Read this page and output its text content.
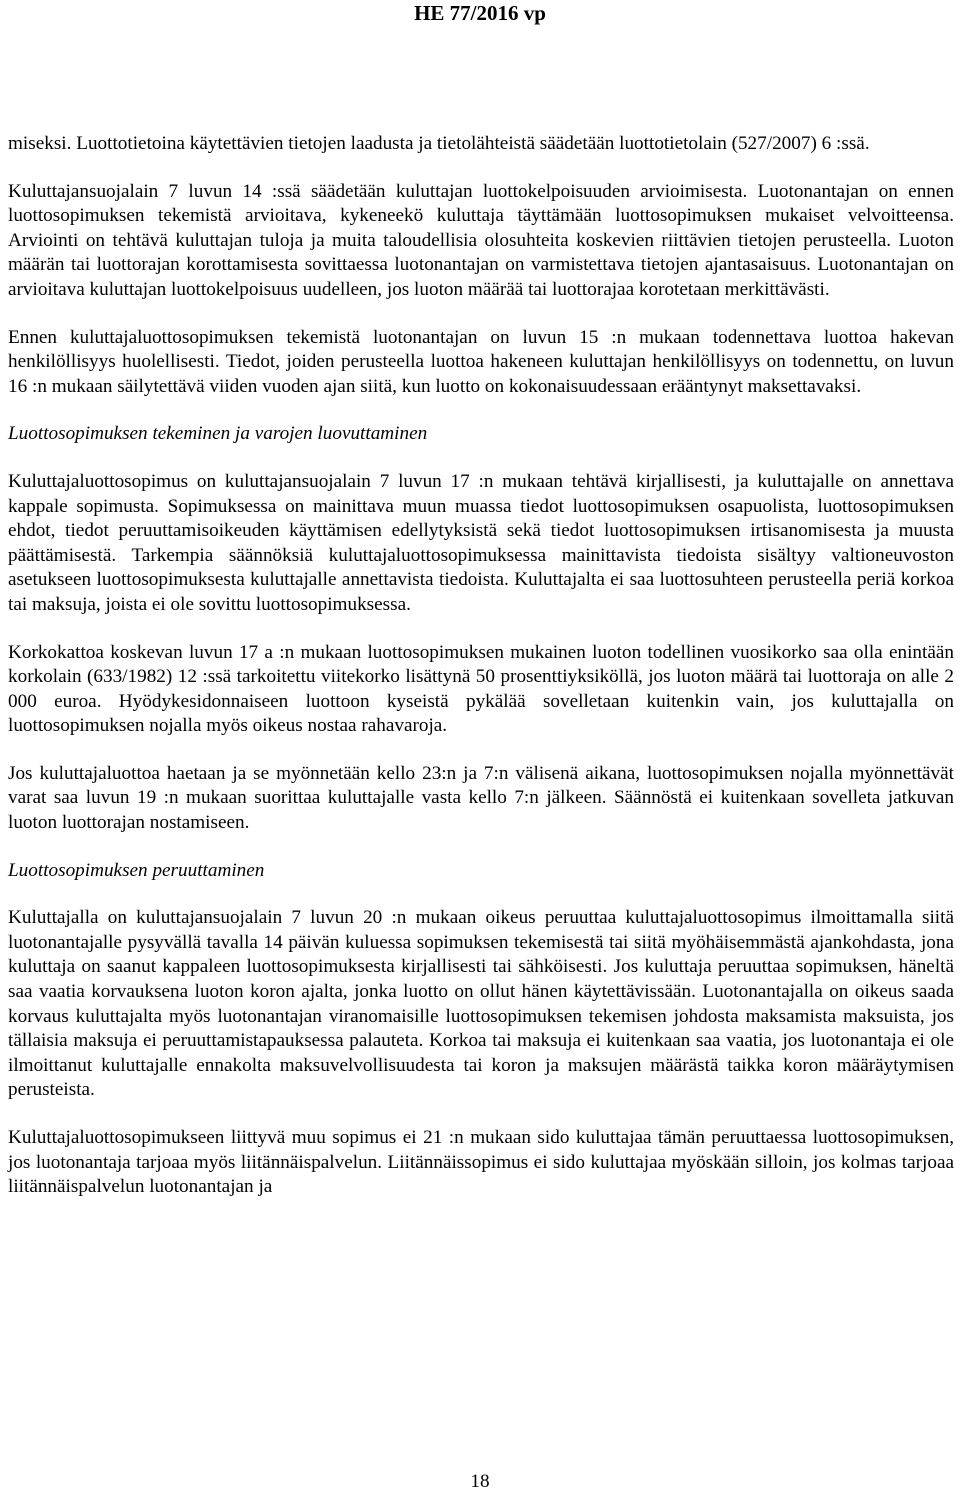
HE 77/2016 vp

miseksi. Luottotietoina käytettävien tietojen laadusta ja tietolähteistä säädetään luottotietolain (527/2007) 6 :ssä.

Kuluttajansuojalain 7 luvun 14 :ssä säädetään kuluttajan luottokelpoisuuden arvioimisesta. Luotonantajan on ennen luottosopimuksen tekemistä arvioitava, kykeneekö kuluttaja täyttämään luottosopimuksen mukaiset velvoitteensa. Arviointi on tehtävä kuluttajan tuloja ja muita taloudellisia olosuhteita koskevien riittävien tietojen perusteella. Luoton määrän tai luottorajan korottamisesta sovittaessa luotonantajan on varmistettava tietojen ajantasaisuus. Luotonantajan on arvioitava kuluttajan luottokelpoisuus uudelleen, jos luoton määrää tai luottorajaa korotetaan merkittävästi.

Ennen kuluttajaluottosopimuksen tekemistä luotonantajan on luvun 15 :n mukaan todennettava luottoa hakevan henkilöllisyys huolellisesti. Tiedot, joiden perusteella luottoa hakeneen kuluttajan henkilöllisyys on todennettu, on luvun 16 :n mukaan säilytettävä viiden vuoden ajan siitä, kun luotto on kokonaisuudessaan erääntynyt maksettavaksi.

Luottosopimuksen tekeminen ja varojen luovuttaminen

Kuluttajaluottosopimus on kuluttajansuojalain 7 luvun 17 :n mukaan tehtävä kirjallisesti, ja kuluttajalle on annettava kappale sopimusta. Sopimuksessa on mainittava muun muassa tiedot luottosopimuksen osapuolista, luottosopimuksen ehdot, tiedot peruuttamisoikeuden käyttämisen edellytyksistä sekä tiedot luottosopimuksen irtisanomisesta ja muusta päättämisestä. Tarkempia säännöksiä kuluttajaluottosopimuksessa mainittavista tiedoista sisältyy valtioneuvoston asetukseen luottosopimuksesta kuluttajalle annettavista tiedoista. Kuluttajalta ei saa luottosuhteen perusteella periä korkoa tai maksuja, joista ei ole sovittu luottosopimuksessa.

Korkokattoa koskevan luvun 17 a :n mukaan luottosopimuksen mukainen luoton todellinen vuosikorko saa olla enintään korkolain (633/1982) 12 :ssä tarkoitettu viitekorko lisättynä 50 prosenttiyksiköllä, jos luoton määrä tai luottoraja on alle 2 000 euroa. Hyödykesidonnaiseen luottoon kyseistä pykälää sovelletaan kuitenkin vain, jos kuluttajalla on luottosopimuksen nojalla myös oikeus nostaa rahavaroja.

Jos kuluttajaluottoa haetaan ja se myönnetään kello 23:n ja 7:n välisenä aikana, luottosopimuksen nojalla myönnettävät varat saa luvun 19 :n mukaan suorittaa kuluttajalle vasta kello 7:n jälkeen. Säännöstä ei kuitenkaan sovelleta jatkuvan luoton luottorajan nostamiseen.

Luottosopimuksen peruuttaminen

Kuluttajalla on kuluttajansuojalain 7 luvun 20 :n mukaan oikeus peruuttaa kuluttajaluottosopimus ilmoittamalla siitä luotonantajalle pysyvällä tavalla 14 päivän kuluessa sopimuksen tekemisestä tai siitä myöhäisemmästä ajankohdasta, jona kuluttaja on saanut kappaleen luottosopimuksesta kirjallisesti tai sähköisesti. Jos kuluttaja peruuttaa sopimuksen, häneltä saa vaatia korvauksena luoton koron ajalta, jonka luotto on ollut hänen käytettävissään. Luotonantajalla on oikeus saada korvaus kuluttajalta myös luotonantajan viranomaisille luottosopimuksen tekemisen johdosta maksamista maksuista, jos tällaisia maksuja ei peruuttamistapauksessa palauteta. Korkoa tai maksuja ei kuitenkaan saa vaatia, jos luotonantaja ei ole ilmoittanut kuluttajalle ennakolta maksuvelvollisuudesta tai koron ja maksujen määrästä taikka koron määräytymisen perusteista.

Kuluttajaluottosopimukseen liittyvä muu sopimus ei 21 :n mukaan sido kuluttajaa tämän peruuttaessa luottosopimuksen, jos luotonantaja tarjoaa myös liitännäispalvelun. Liitännäissopimus ei sido kuluttajaa myöskään silloin, jos kolmas tarjoaa liitännäispalvelun luotonantajan ja

18
